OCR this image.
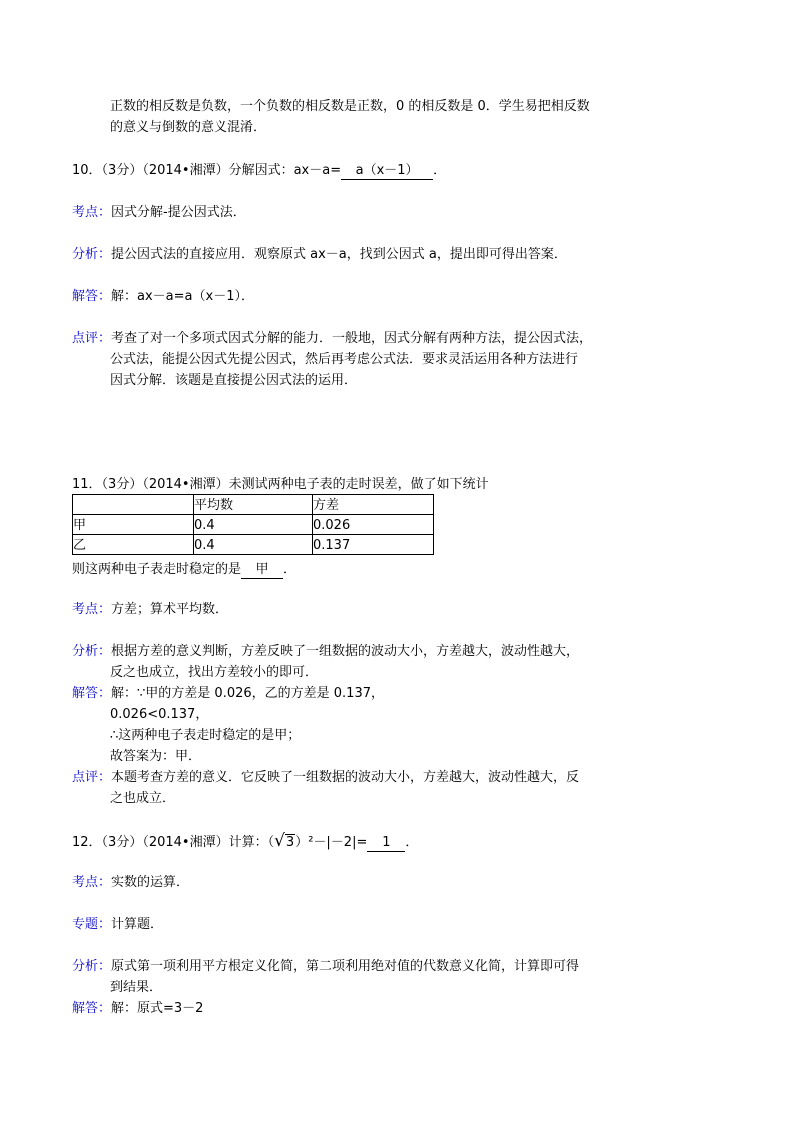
正数的相反数是负数，一个负数的相反数是正数，0 的相反数是 0．学生易把相反数
的意义与倒数的意义混淆．
10．（3分）（2014•湘潭）分解因式：ax－a= a（x－1） ．
考点：因式分解-提公因式法．
分析：提公因式法的直接应用．观察原式 ax－a，找到公因式 a，提出即可得出答案．
解答：解：ax－a=a（x－1）．
点评：考查了对一个多项式因式分解的能力．一般地，因式分解有两种方法，提公因式法，
公式法，能提公因式先提公因式，然后再考虑公式法．要求灵活运用各种方法进行
因式分解．该题是直接提公因式法的运用．
11．（3分）（2014•湘潭）未测试两种电子表的走时误差，做了如下统计
	平均数	方差
甲	0.4	0.026
乙	0.4	0.137
则这两种电子表走时稳定的是 甲 ．
考点：方差；算术平均数．
分析：根据方差的意义判断，方差反映了一组数据的波动大小，方差越大，波动性越大，
反之也成立，找出方差较小的即可．
解答：解：∵甲的方差是 0.026，乙的方差是 0.137，
0.026<0.137，
∴这两种电子表走时稳定的是甲；
故答案为：甲．
点评：本题考查方差的意义．它反映了一组数据的波动大小，方差越大，波动性越大，反
之也成立．
12．（3分）（2014•湘潭）计算：（√3）²－|－2|= 1 ．
考点：实数的运算．
专题：计算题．
分析：原式第一项利用平方根定义化简，第二项利用绝对值的代数意义化简，计算即可得
到结果．
解答：解：原式=3－2
